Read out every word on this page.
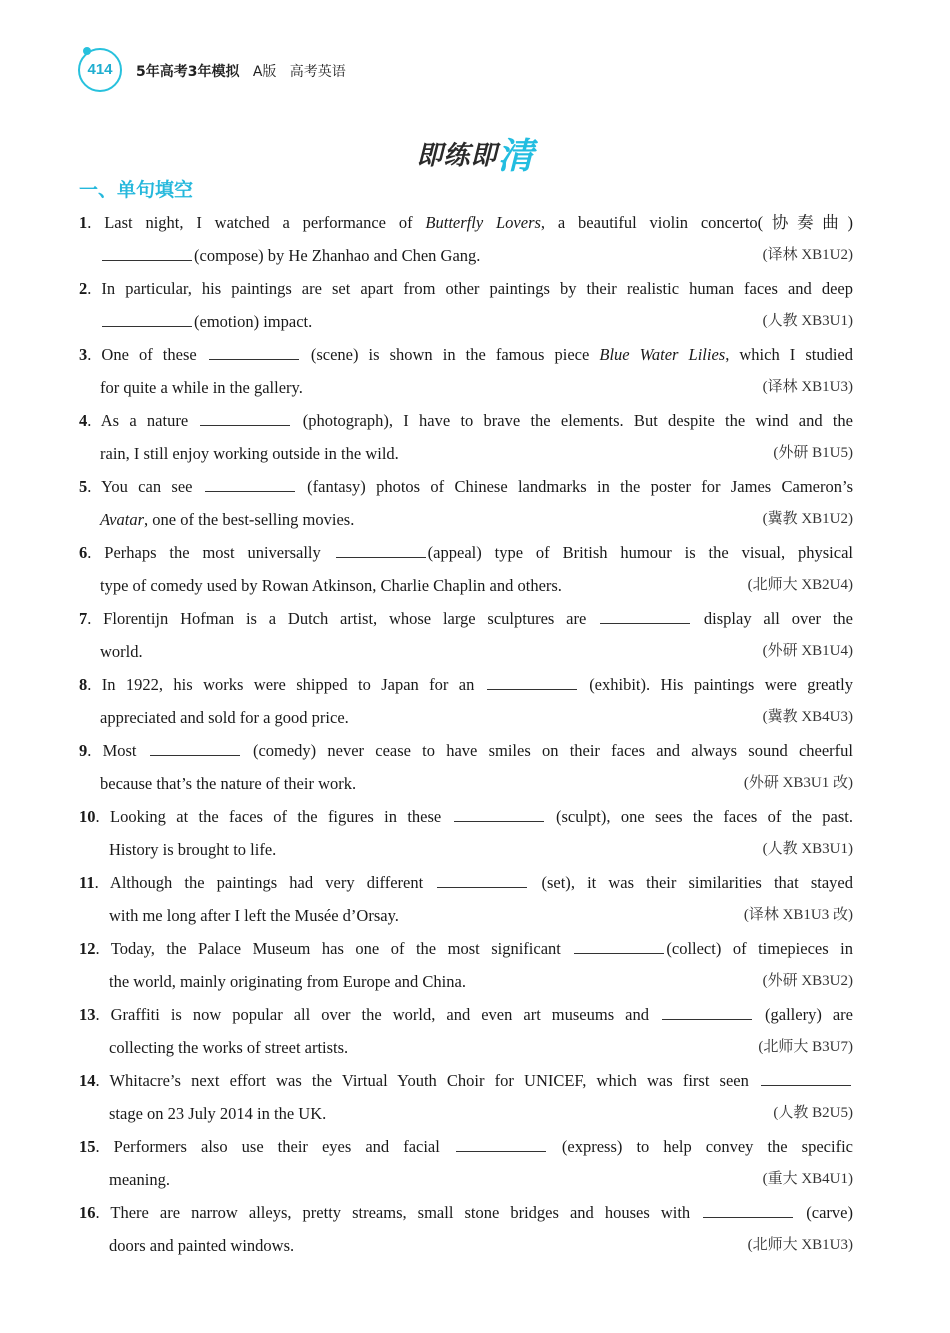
414	5年高考3年模拟 A版 高考英语
即练即清
一、单句填空
1. Last night, I watched a performance of Butterfly Lovers, a beautiful violin concerto(协奏曲)
(compose) by He Zhanhao and Chen Gang.	(译林 XB1U2)
2. In particular, his paintings are set apart from other paintings by their realistic human faces and deep
(emotion) impact.	(人教 XB3U1)
3. One of these	(scene) is shown in the famous piece Blue Water Lilies, which I studied
for quite a while in the gallery.	(译林 XB1U3)
4. As a nature	(photograph), I have to brave the elements. But despite the wind and the
rain, I still enjoy working outside in the wild.	(外研 B1U5)
5. You can see	(fantasy) photos of Chinese landmarks in the poster for James Cameron’s
Avatar, one of the best-selling movies.	(冀教 XB1U2)
6. Perhaps the most universally	(appeal) type of British humour is the visual, physical
type of comedy used by Rowan Atkinson, Charlie Chaplin and others.	(北师大 XB2U4)
7. Florentijn Hofman is a Dutch artist, whose large sculptures are	display all over the
world.	(外研 XB1U4)
8. In 1922, his works were shipped to Japan for an	(exhibit). His paintings were greatly
appreciated and sold for a good price.	(冀教 XB4U3)
9. Most	(comedy) never cease to have smiles on their faces and always sound cheerful
because that’s the nature of their work.	(外研 XB3U1 改)
10. Looking at the faces of the figures in these	(sculpt), one sees the faces of the past.
History is brought to life.	(人教 XB3U1)
11. Although the paintings had very different	(set), it was their similarities that stayed
with me long after I left the Musée d’Orsay.	(译林 XB1U3 改)
12. Today, the Palace Museum has one of the most significant	(collect) of timepieces in
the world, mainly originating from Europe and China.	(外研 XB3U2)
13. Graffiti is now popular all over the world, and even art museums and	(gallery) are
collecting the works of street artists.	(北师大 B3U7)
14. Whitacre’s next effort was the Virtual Youth Choir for UNICEF, which was first seen
stage on 23 July 2014 in the UK.	(人教 B2U5)
15. Performers also use their eyes and facial	(express) to help convey the specific
meaning.	(重大 XB4U1)
16. There are narrow alleys, pretty streams, small stone bridges and houses with	(carve)
doors and painted windows.	(北师大 XB1U3)
